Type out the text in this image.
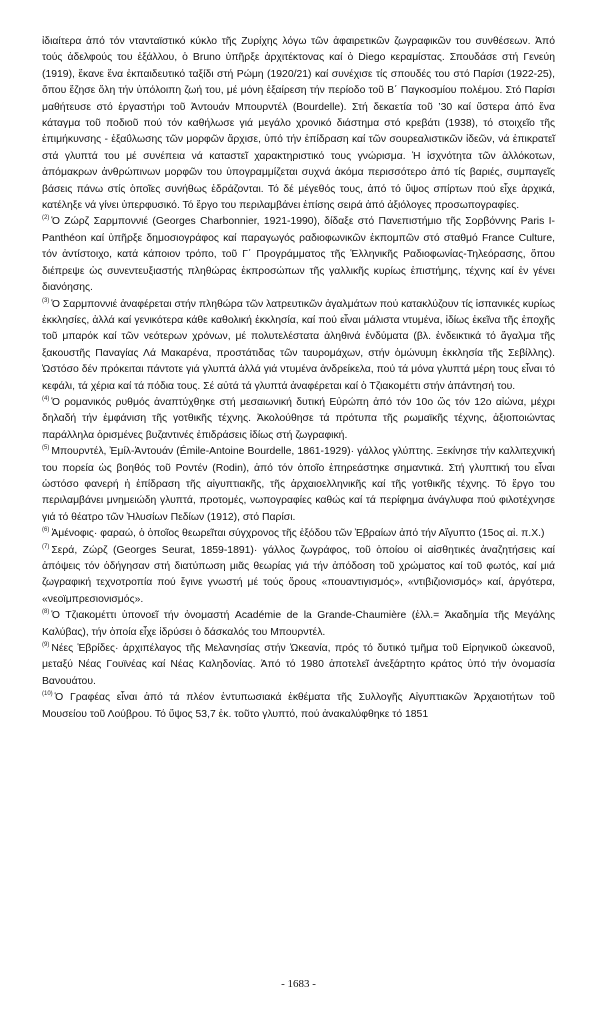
ἰδιαίτερα ἀπό τόν ντανταϊστικό κύκλο τῆς Ζυρίχης λόγω τῶν ἀφαιρετικῶν ζωγραφικῶν του συνθέσεων. Ἀπό τούς ἀδελφούς του ἐξάλλου, ὁ Bruno ὑπῆρξε ἀρχιτέκτονας καί ὁ Diego κεραμίστας. Σπουδάσε στή Γενεύη (1919), ἔκανε ἕνα ἐκπαιδευτικό ταξίδι στή Ρώμη (1920/21) καί συνέχισε τίς σπουδές του στό Παρίσι (1922-25), ὅπου ἔζησε ὅλη τήν ὑπόλοιπη ζωή του, μέ μόνη ἐξαίρεση τήν περίοδο τοῦ Β΄ Παγκοσμίου πολέμου. Στό Παρίσι μαθήτευσε στό ἐργαστήρι τοῦ Ἀντουάν Μπουρντέλ (Bourdelle). Στή δεκαετία τοῦ ’30 καί ὕστερα ἀπό ἕνα κάταγμα τοῦ ποδιοῦ πού τόν καθήλωσε γιά μεγάλο χρονικό διάστημα στό κρεβάτι (1938), τό στοιχεῖο τῆς ἐπιμήκυνσης - ἐξαΰλωσης τῶν μορφῶν ἄρχισε, ὑπό τήν ἐπίδραση καί τῶν σουρεαλιστικῶν ἰδεῶν, νά ἐπικρατεῖ στά γλυπτά του μέ συνέπεια νά καταστεῖ χαρακτηριστικό τους γνώρισμα. Ἡ ἰσχνότητα τῶν ἀλλόκοτων, ἀπόμακρων ἀνθρώπινων μορφῶν του ὑπογραμμίζεται συχνά ἀκόμα περισσότερο ἀπό τίς βαριές, συμπαγεῖς βάσεις πάνω στίς ὁποῖες συνήθως ἑδράζονται. Τό δέ μέγεθός τους, ἀπό τό ὕψος σπίρτων πού εἶχε ἀρχικά, κατέληξε νά γίνει ὑπερφυσικό. Τό ἔργο του περιλαμβάνει ἐπίσης σειρά ἀπό ἀξιόλογες προσωπογραφίες.

$^{(2)}$ Ὁ Ζώρζ Σαρμποννιέ (Georges Charbonnier, 1921-1990), δίδαξε στό Πανεπιστήμιο τῆς Σορβόννης Paris I-Panthéon καί ὑπῆρξε δημοσιογράφος καί παραγωγός ραδιοφωνικῶν ἐκπομπῶν στό σταθμό France Culture, τόν ἀντίστοιχο, κατά κάποιον τρόπο, τοῦ Γ΄ Προγράμματος τῆς Ἑλληνικῆς Ραδιοφωνίας-Τηλεόρασης, ὅπου διέπρεψε ὡς συνεντευξιαστής πληθώρας ἐκπροσώπων τῆς γαλλικῆς κυρίως ἐπιστήμης, τέχνης καί ἐν γένει διανόησης.

$^{(3)}$ Ὁ Σαρμποννιέ ἀναφέρεται στήν πληθώρα τῶν λατρευτικῶν ἀγαλμάτων πού κατακλύζουν τίς ἱσπανικές κυρίως ἐκκλησίες, ἀλλά καί γενικότερα κάθε καθολική ἐκκλησία, καί πού εἶναι μάλιστα ντυμένα, ἰδίως ἐκεῖνα τῆς ἐποχῆς τοῦ μπαρόκ καί τῶν νεότερων χρόνων, μέ πολυτελέστατα ἀληθινά ἐνδύματα (βλ. ἐνδεικτικά τό ἄγαλμα τῆς ξακουστῆς Παναγίας Λά Μακαρένα, προστάτιδας τῶν ταυρομάχων, στήν ὁμώνυμη ἐκκλησία τῆς Σεβίλλης). Ὡστόσο δέν πρόκειται πάντοτε γιά γλυπτά ἀλλά γιά ντυμένα ἀνδρείκελα, πού τά μόνα γλυπτά μέρη τους εἶναι τό κεφάλι, τά χέρια καί τά πόδια τους. Σέ αὐτά τά γλυπτά ἀναφέρεται καί ὁ Τζιακομέττι στήν ἀπάντησή του.

$^{(4)}$ Ὁ ρομανικός ρυθμός ἀναπτύχθηκε στή μεσαιωνική δυτική Εὐρώπη ἀπό τόν 10ο ὥς τόν 12ο αἰώνα, μέχρι δηλαδή τήν ἐμφάνιση τῆς γοτθικῆς τέχνης. Ἀκολούθησε τά πρότυπα τῆς ρωμαϊκῆς τέχνης, ἀξιοποιώντας παράλληλα ὁρισμένες βυζαντινές ἐπιδράσεις ἰδίως στή ζωγραφική.

$^{(5)}$ Μπουρντέλ, Ἐμίλ-Ἀντουάν (Émile-Antoine Bourdelle, 1861-1929)· γάλλος γλύπτης. Ξεκίνησε τήν καλλιτεχνική του πορεία ὡς βοηθός τοῦ Ροντέν (Rodin), ἀπό τόν ὁποῖο ἐπηρεάστηκε σημαντικά. Στή γλυπτική του εἶναι ὡστόσο φανερή ἡ ἐπίδραση τῆς αἰγυπτιακῆς, τῆς ἀρχαιοελληνικῆς καί τῆς γοτθικῆς τέχνης. Τό ἔργο του περιλαμβάνει μνημειώδη γλυπτά, προτομές, νωπογραφίες καθώς καί τά περίφημα ἀνάγλυφα πού φιλοτέχνησε γιά τό θέατρο τῶν Ἠλυσίων Πεδίων (1912), στό Παρίσι.

$^{(6)}$ Ἀμένοφις· φαραώ, ὁ ὁποῖος θεωρεῖται σύγχρονος τῆς ἐξόδου τῶν Ἑβραίων ἀπό τήν Αἴγυπτο (15ος αἰ. π.Χ.)

$^{(7)}$ Σερά, Ζώρζ (Georges Seurat, 1859-1891)· γάλλος ζωγράφος, τοῦ ὁποίου οἱ αἰσθητικές ἀναζητήσεις καί ἀπόψεις τόν ὁδήγησαν στή διατύπωση μιᾶς θεωρίας γιά τήν ἀπόδοση τοῦ χρώματος καί τοῦ φωτός, καί μιά ζωγραφική τεχνοτροπία πού ἔγινε γνωστή μέ τούς ὅρους «πουαντιγισμός», «ντιβιζιονισμός» καί, ἀργότερα, «νεοϊμπρεσιονισμός».

$^{(8)}$ Ὁ Τζιακομέττι ὑπονοεῖ τήν ὀνομαστή Académie de la Grande-Chaumière (ἑλλ.= Ἀκαδημία τῆς Μεγάλης Καλύβας), τήν ὁποία εἶχε ἱδρύσει ὁ δάσκαλός του Μπουρντέλ.

$^{(9)}$ Νέες Ἑβρίδες· ἀρχιπέλαγος τῆς Μελανησίας στήν Ὠκεανία, πρός τό δυτικό τμῆμα τοῦ Εἰρηνικοῦ ὠκεανοῦ, μεταξύ Νέας Γουϊνέας καί Νέας Καληδονίας. Ἀπό τό 1980 ἀποτελεῖ ἀνεξάρτητο κράτος ὑπό τήν ὀνομασία Βανουάτου.

$^{(10)}$ Ὁ Γραφέας εἶναι ἀπό τά πλέον ἐντυπωσιακά ἐκθέματα τῆς Συλλογῆς Αἰγυπτιακῶν Ἀρχαιοτήτων τοῦ Μουσείου τοῦ Λούβρου. Τό ὕψος 53,7 ἑκ. τοῦτο γλυπτό, πού ἀνακαλύφθηκε τό 1851

- 1683 -
